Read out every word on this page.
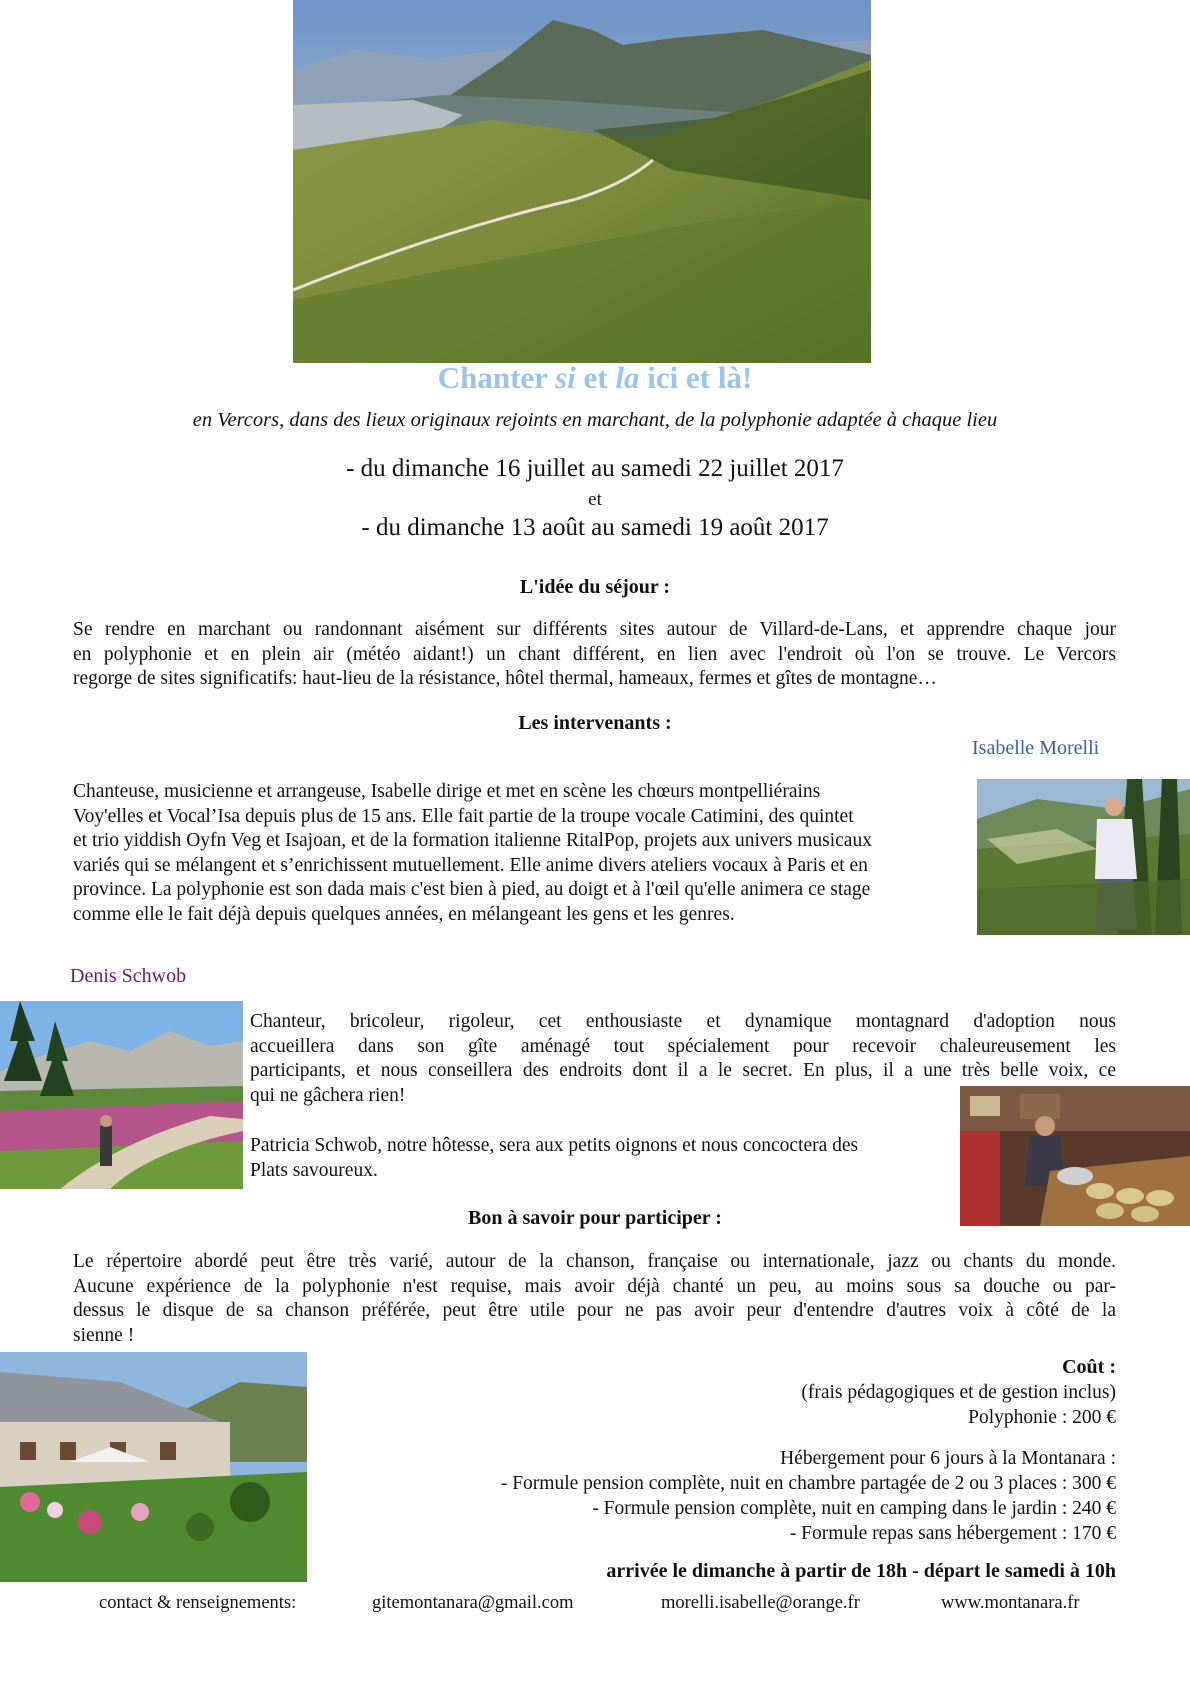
Chanter si et la ici et là!
en Vercors, dans des lieux originaux rejoints en marchant, de la polyphonie adaptée à chaque lieu
- du dimanche 16 juillet au samedi 22 juillet 2017
et
- du dimanche 13 août au samedi 19 août 2017
L'idée du séjour :
Se rendre en marchant ou randonnant aisément sur différents sites autour de Villard-de-Lans, et apprendre chaque jour
en polyphonie et en plein air (météo aidant!) un chant différent, en lien avec l'endroit où l'on se trouve. Le Vercors
regorge de sites significatifs: haut-lieu de la résistance, hôtel thermal, hameaux, fermes et gîtes de montagne…
Les intervenants :
Isabelle Morelli
Chanteuse, musicienne et arrangeuse, Isabelle dirige et met en scène les chœurs montpelliérains
Voy'elles et Vocal’Isa depuis plus de 15 ans. Elle fait partie de la troupe vocale Catimini, des quintet
et trio yiddish Oyfn Veg et Isajoan, et de la formation italienne RitalPop, projets aux univers musicaux
variés qui se mélangent et s’enrichissent mutuellement. Elle anime divers ateliers vocaux à Paris et en
province. La polyphonie est son dada mais c'est bien à pied, au doigt et à l'œil qu'elle animera ce stage
comme elle le fait déjà depuis quelques années, en mélangeant les gens et les genres.
Denis Schwob
Chanteur, bricoleur, rigoleur, cet enthousiaste et dynamique montagnard d'adoption nous
accueillera dans son gîte aménagé tout spécialement pour recevoir chaleureusement les
participants, et nous conseillera des endroits dont il a le secret. En plus, il a une très belle voix, ce
qui ne gâchera rien!
Patricia Schwob, notre hôtesse, sera aux petits oignons et nous concoctera des
Plats savoureux.
Bon à savoir pour participer :
Le répertoire abordé peut être très varié, autour de la chanson, française ou internationale, jazz ou chants du monde.
Aucune expérience de la polyphonie n'est requise, mais avoir déjà chanté un peu, au moins sous sa douche ou par-
dessus le disque de sa chanson préférée, peut être utile pour ne pas avoir peur d'entendre d'autres voix à côté de la
sienne !
Coût :
(frais pédagogiques et de gestion inclus)
Polyphonie : 200 €
Hébergement pour 6 jours à la Montanara :
- Formule pension complète, nuit en chambre partagée de 2 ou 3 places : 300 €
- Formule pension complète, nuit en camping dans le jardin : 240 €
- Formule repas sans hébergement : 170 €
arrivée le dimanche à partir de 18h - départ le samedi à 10h
contact & renseignements:	gitemontanara@gmail.com	morelli.isabelle@orange.fr	www.montanara.fr
